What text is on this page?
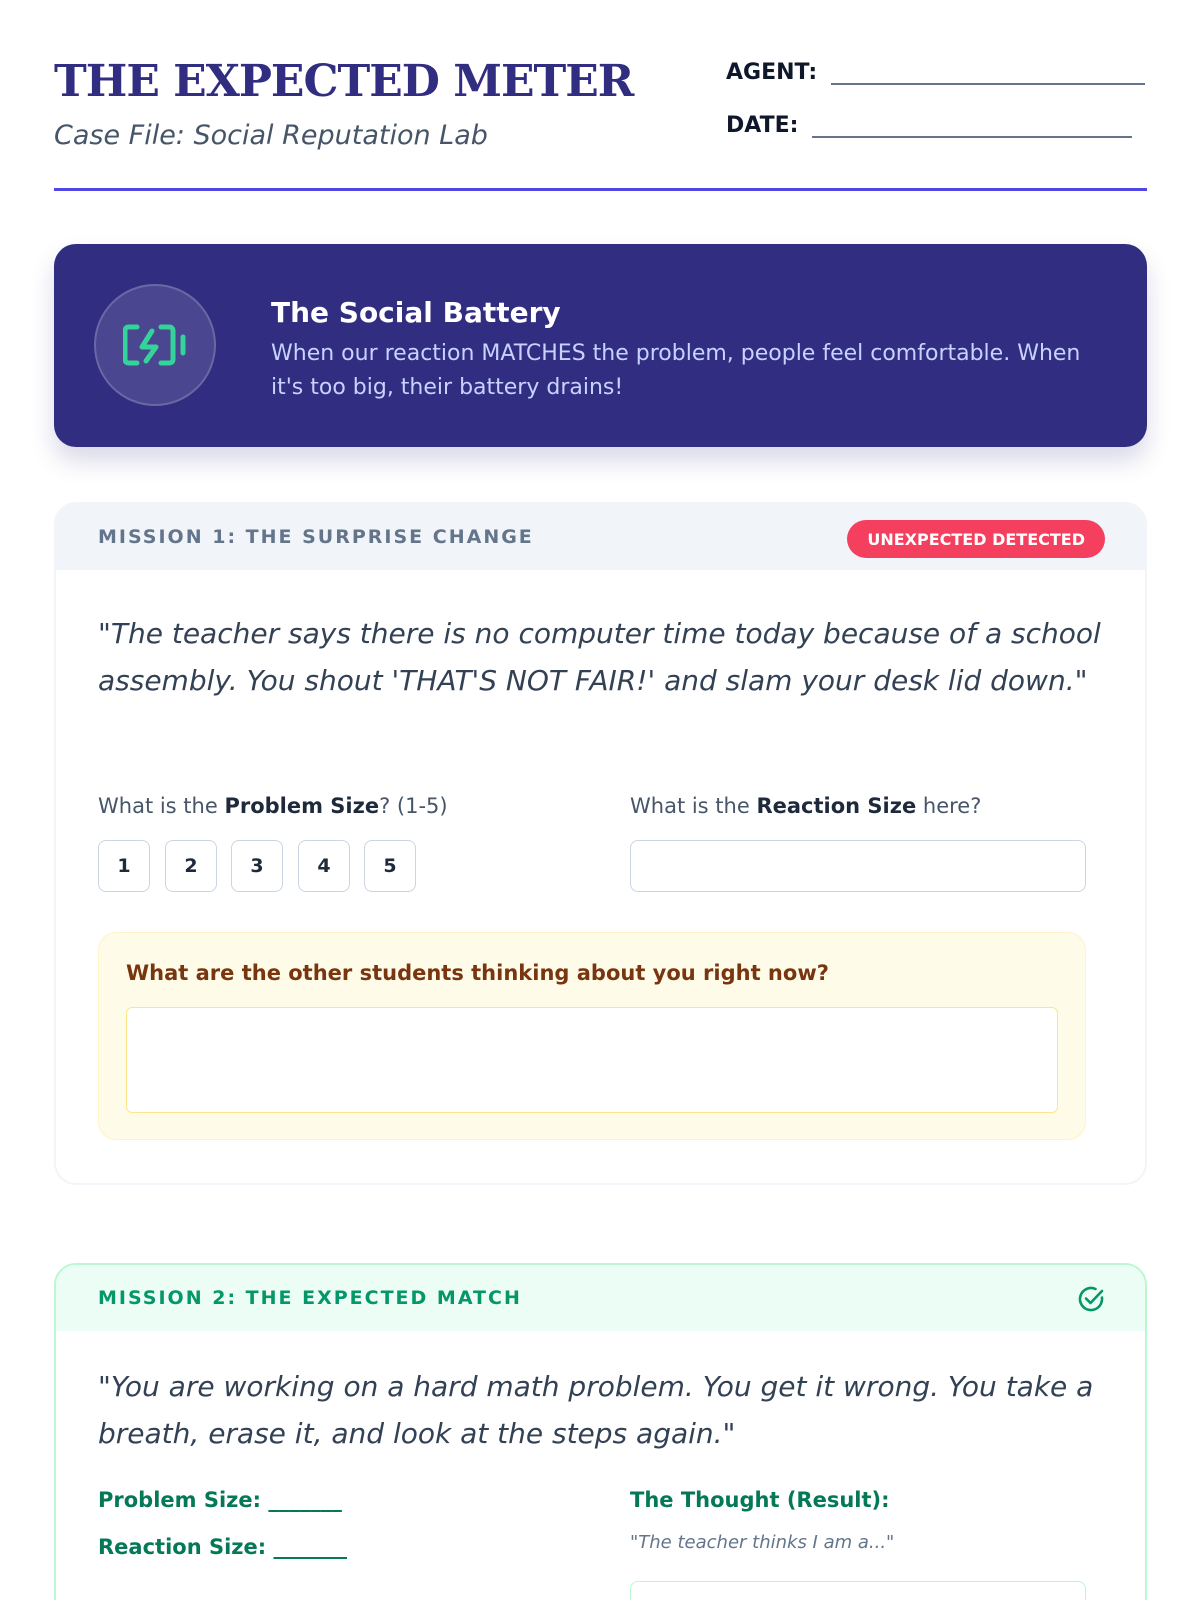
THE EXPECTED METER
Case File: Social Reputation Lab
AGENT:
DATE:
The Social Battery
When our reaction MATCHES the problem, people feel comfortable. When it's too big, their battery drains!
MISSION 1: THE SURPRISE CHANGE	UNEXPECTED DETECTED
"The teacher says there is no computer time today because of a school assembly. You shout 'THAT'S NOT FAIR!' and slam your desk lid down."
What is the Problem Size? (1-5)
1	2	3	4	5
What is the Reaction Size here?
What are the other students thinking about you right now?
MISSION 2: THE EXPECTED MATCH
"You are working on a hard math problem. You get it wrong. You take a breath, erase it, and look at the steps again."
Problem Size: _______
Reaction Size: _______
The Thought (Result):
"The teacher thinks I am a..."
